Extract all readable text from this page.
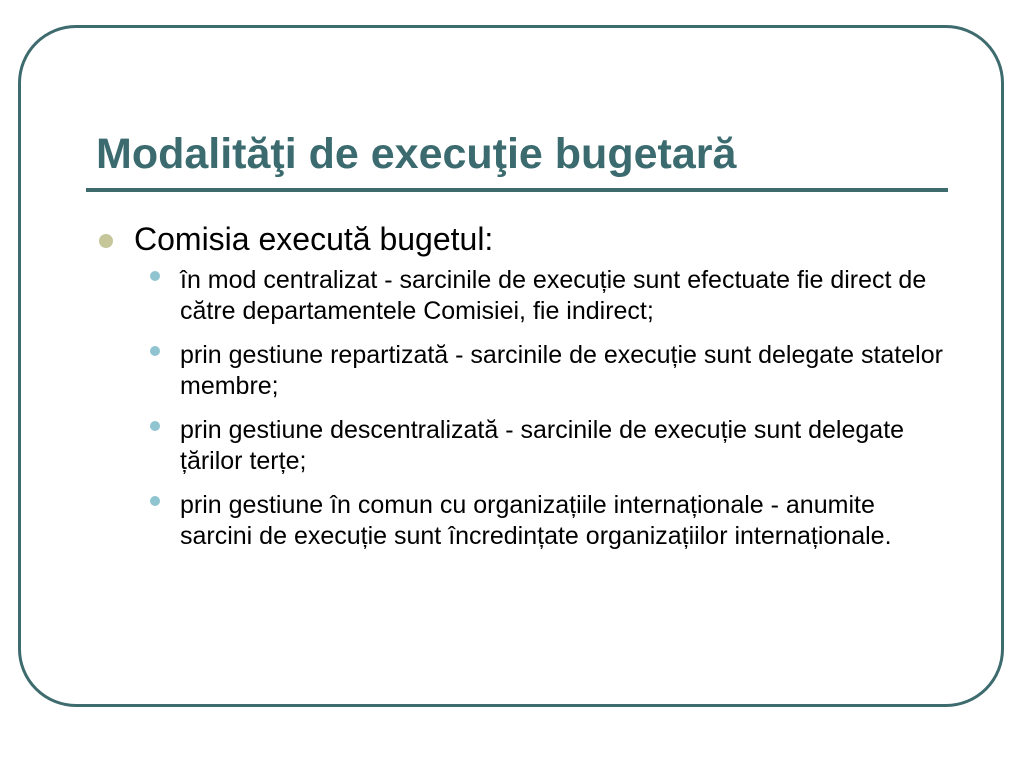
Modalităţi de execuţie bugetară
Comisia execută bugetul:
în mod centralizat - sarcinile de execuție sunt efectuate fie direct de către departamentele Comisiei, fie indirect;
prin gestiune repartizată - sarcinile de execuție sunt delegate statelor membre;
prin gestiune descentralizată - sarcinile de execuție sunt delegate țărilor terțe;
prin gestiune în comun cu organizațiile internaționale - anumite sarcini de execuție sunt încredințate organizațiilor internaționale.
